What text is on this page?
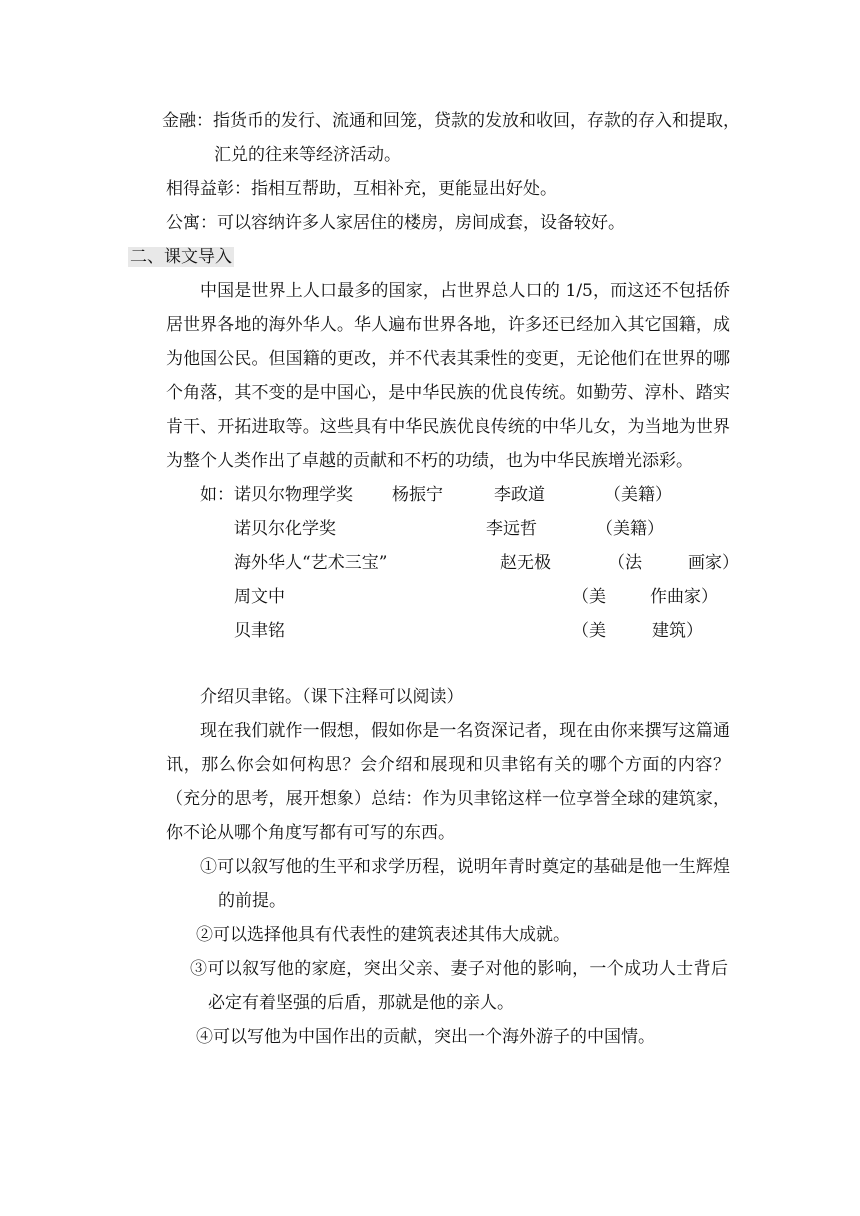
金融：指货币的发行、流通和回笼，贷款的发放和收回，存款的存入和提取，
汇兑的往来等经济活动。
相得益彰：指相互帮助，互相补充，更能显出好处。
公寓：可以容纳许多人家居住的楼房，房间成套，设备较好。
二、课文导入
中国是世界上人口最多的国家，占世界总人口的 1/5，而这还不包括侨
居世界各地的海外华人。华人遍布世界各地，许多还已经加入其它国籍，成
为他国公民。但国籍的更改，并不代表其秉性的变更，无论他们在世界的哪
个角落，其不变的是中国心，是中华民族的优良传统。如勤劳、淳朴、踏实
肯干、开拓进取等。这些具有中华民族优良传统的中华儿女，为当地为世界
为整个人类作出了卓越的贡献和不朽的功绩，也为中华民族增光添彩。
如：诺贝尔物理学奖 杨振宁	李政道	（美籍）
诺贝尔化学奖	李远哲	（美籍）
海外华人“艺术三宝”	赵无极	（法	画家）
周文中	（美	作曲家）
贝聿铭	（美	建筑）
介绍贝聿铭。（课下注释可以阅读）
现在我们就作一假想，假如你是一名资深记者，现在由你来撰写这篇通
讯，那么你会如何构思？会介绍和展现和贝聿铭有关的哪个方面的内容？
（充分的思考，展开想象）总结：作为贝聿铭这样一位享誉全球的建筑家，
你不论从哪个角度写都有可写的东西。
①可以叙写他的生平和求学历程，说明年青时奠定的基础是他一生辉煌
的前提。
②可以选择他具有代表性的建筑表述其伟大成就。
③可以叙写他的家庭，突出父亲、妻子对他的影响，一个成功人士背后
必定有着坚强的后盾，那就是他的亲人。
④可以写他为中国作出的贡献，突出一个海外游子的中国情。
